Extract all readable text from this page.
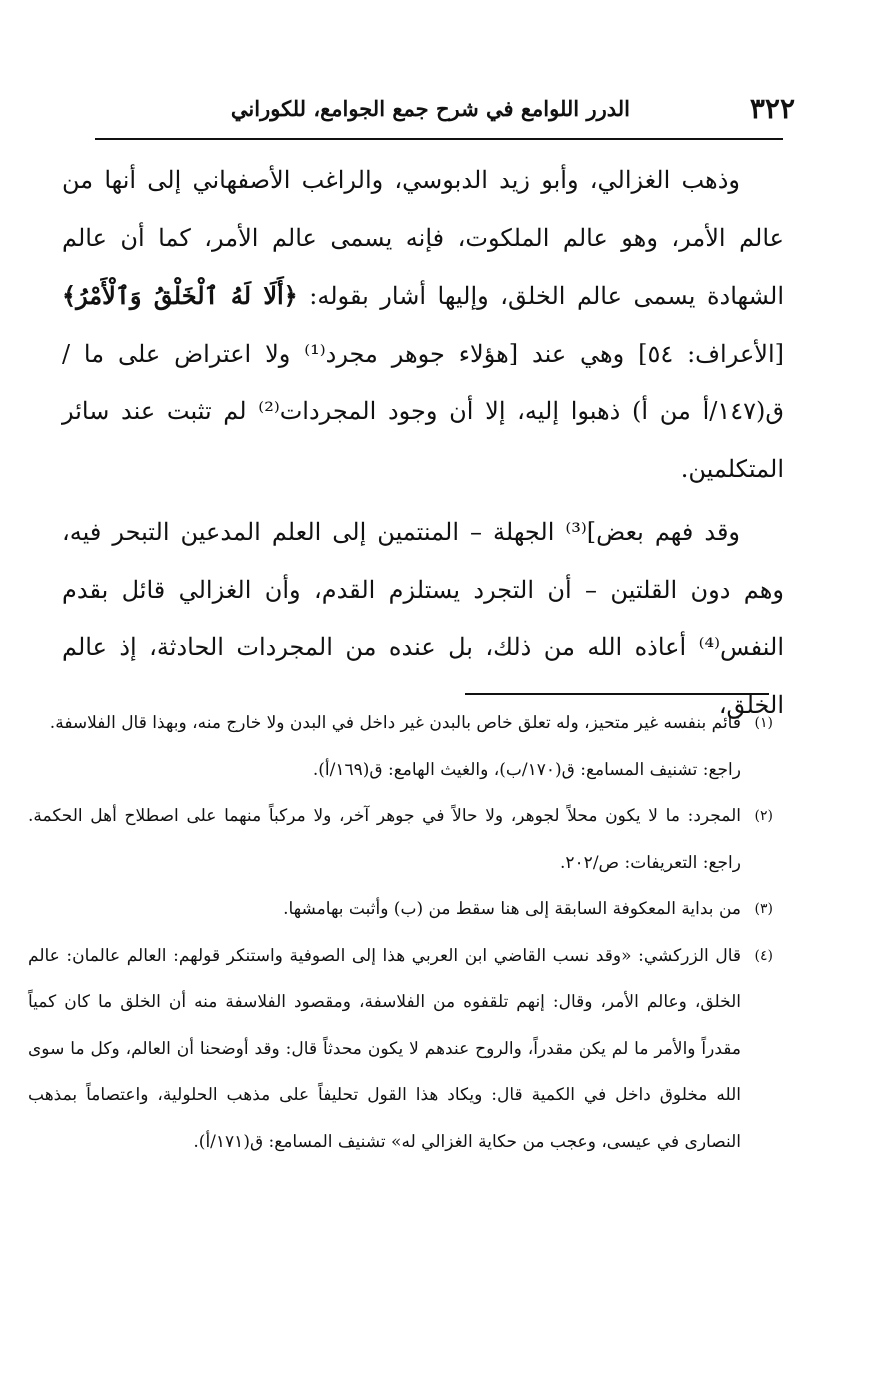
٣٢٢
الدرر اللوامع في شرح جمع الجوامع، للكوراني

وذهب الغزالي، وأبو زيد الدبوسي، والراغب الأصفهاني إلى أنها من عالم الأمر، وهو عالم الملكوت، فإنه يسمى عالم الأمر، كما أن عالم الشهادة يسمى عالم الخلق، وإليها أشار بقوله: ﴿أَلَا لَهُ ٱلْخَلْقُ وَٱلْأَمْرُ﴾ [الأعراف: ٥٤] وهي عند [هؤلاء جوهر مجرد⁽¹⁾ ولا اعتراض على ما / ق(١٤٧/أ من أ) ذهبوا إليه، إلا أن وجود المجردات⁽²⁾ لم تثبت عند سائر المتكلمين.

وقد فهم بعض]⁽³⁾ الجهلة – المنتمين إلى العلم المدعين التبحر فيه، وهم دون القلتين – أن التجرد يستلزم القدم، وأن الغزالي قائل بقدم النفس⁽⁴⁾ أعاذه الله من ذلك، بل عنده من المجردات الحادثة، إذ عالم الخلق،

(١)
قائم بنفسه غير متحيز، وله تعلق خاص بالبدن غير داخل في البدن ولا خارج منه، وبهذا قال الفلاسفة.

راجع: تشنيف المسامع: ق(١٧٠/ب)، والغيث الهامع: ق(١٦٩/أ).

(٢)
المجرد: ما لا يكون محلاً لجوهر، ولا حالاً في جوهر آخر، ولا مركباً منهما على اصطلاح أهل الحكمة. راجع: التعريفات: ص/٢٠٢.

(٣)
من بداية المعكوفة السابقة إلى هنا سقط من (ب) وأثبت بهامشها.

(٤)
قال الزركشي: «وقد نسب القاضي ابن العربي هذا إلى الصوفية واستنكر قولهم: العالم عالمان: عالم الخلق، وعالم الأمر، وقال: إنهم تلقفوه من الفلاسفة، ومقصود الفلاسفة منه أن الخلق ما كان كمياً مقدراً والأمر ما لم يكن مقدراً، والروح عندهم لا يكون محدثاً قال: وقد أوضحنا أن العالم، وكل ما سوى الله مخلوق داخل في الكمية قال: ويكاد هذا القول تحليفاً على مذهب الحلولية، واعتصاماً بمذهب النصارى في عيسى، وعجب من حكاية الغزالي له» تشنيف المسامع: ق(١٧١/أ).
